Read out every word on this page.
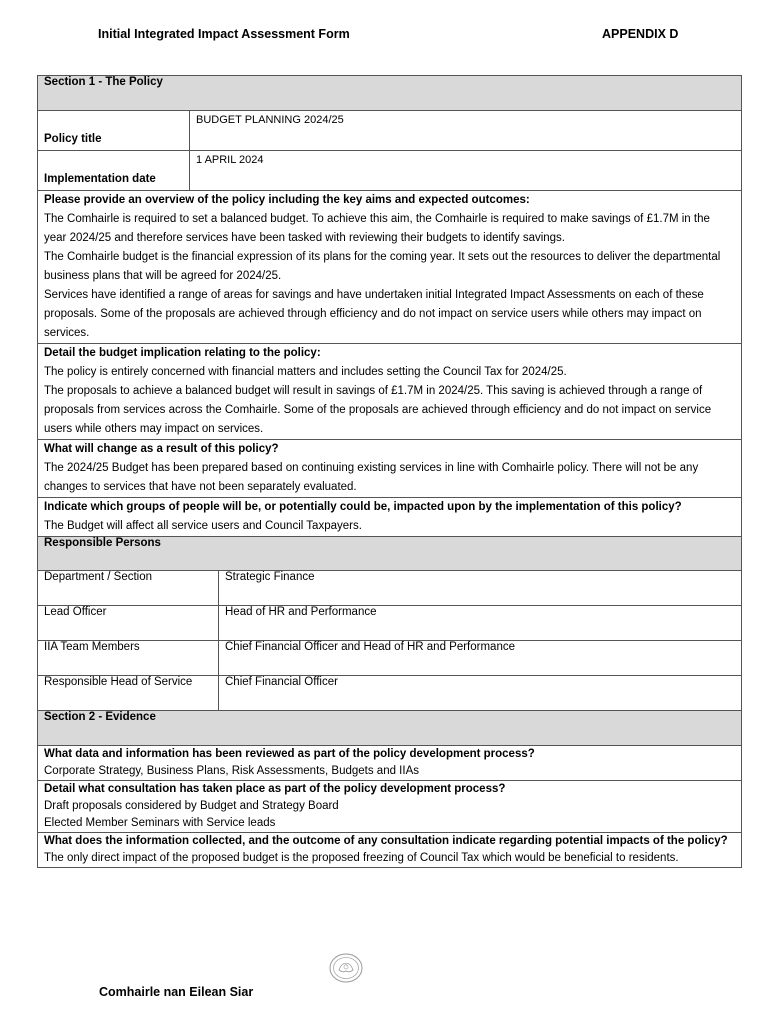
Initial Integrated Impact Assessment Form	APPENDIX D
Section 1 - The Policy		
Policy title	BUDGET PLANNING 2024/25	
Implementation date	1 APRIL 2024	

Please provide an overview of the policy including the key aims and expected outcomes:
The Comhairle is required to set a balanced budget. To achieve this aim, the Comhairle is required to make savings of £1.7M in the year 2024/25 and therefore services have been tasked with reviewing their budgets to identify savings.
The Comhairle budget is the financial expression of its plans for the coming year. It sets out the resources to deliver the departmental business plans that will be agreed for 2024/25.
Services have identified a range of areas for savings and have undertaken initial Integrated Impact Assessments on each of these proposals. Some of the proposals are achieved through efficiency and do not impact on service users while others may impact on services.		

Detail the budget implication relating to the policy:
The policy is entirely concerned with financial matters and includes setting the Council Tax for 2024/25.
The proposals to achieve a balanced budget will result in savings of £1.7M in 2024/25. This saving is achieved through a range of proposals from services across the Comhairle. Some of the proposals are achieved through efficiency and do not impact on service users while others may impact on services.		

What will change as a result of this policy?
The 2024/25 Budget has been prepared based on continuing existing services in line with Comhairle policy. There will not be any changes to services that have not been separately evaluated.		

Indicate which groups of people will be, or potentially could be, impacted upon by the implementation of this policy?
The Budget will affect all service users and Council Taxpayers.		

Responsible Persons		
Department / Section		Strategic Finance
Lead Officer		Head of HR and Performance
IIA Team Members		Chief Financial Officer and Head of HR and Performance
Responsible Head of Service		Chief Financial Officer
Section 2 - Evidence		

What data and information has been reviewed as part of the policy development process?
Corporate Strategy, Business Plans, Risk Assessments, Budgets and IIAs		

Detail what consultation has taken place as part of the policy development process?
Draft proposals considered by Budget and Strategy Board
Elected Member Seminars with Service leads		

What does the information collected, and the outcome of any consultation indicate regarding potential impacts of the policy?
The only direct impact of the proposed budget is the proposed freezing of Council Tax which would be beneficial to residents.		
Comhairle nan Eilean Siar
